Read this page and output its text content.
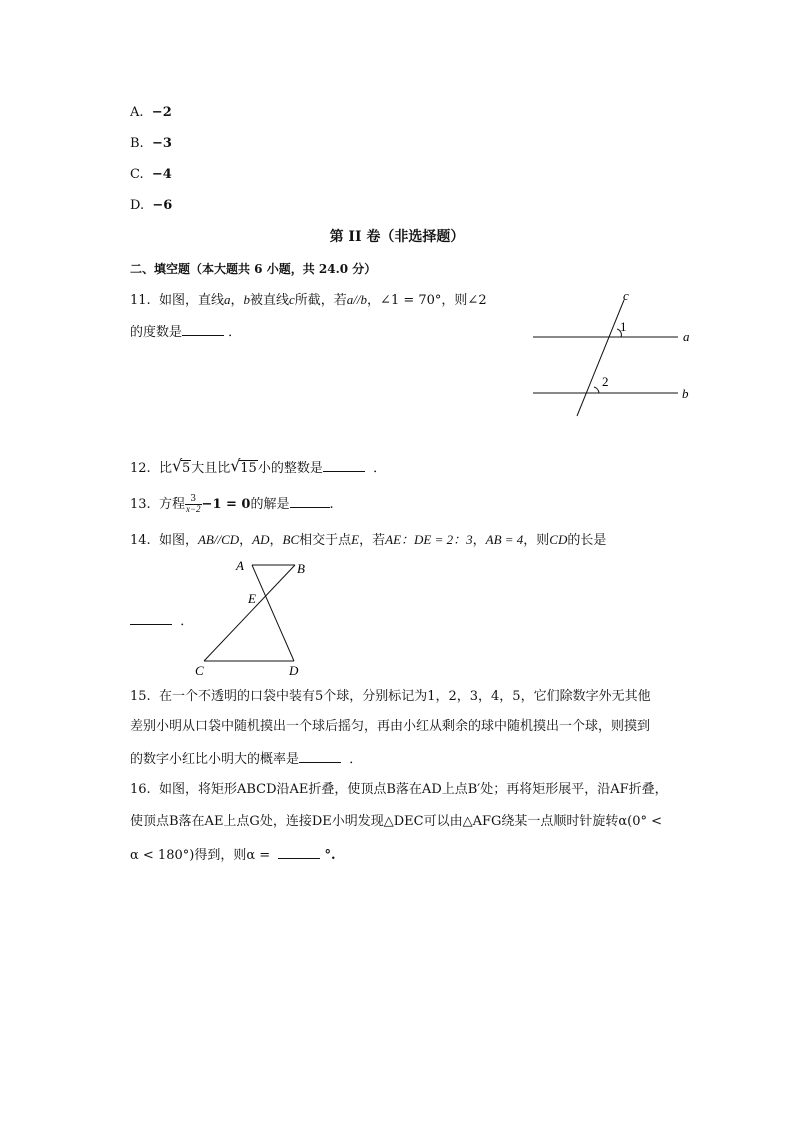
A. −2
B. −3
C. −4
D. −6
第 II 卷（非选择题）
二、填空题（本大题共 6 小题，共 24.0 分）
11. 如图，直线a，b被直线c所截，若a//b，∠1 = 70°，则∠2
的度数是	．
c
1
a
2
b
12. 比 √ 5大且比 √ 15小的整数是	．
13. 方程 $\frac{3}{x-2} -1 = 0$的解是	.
14. 如图，AB//CD，AD，BC相交于点E，若AE：DE = 2：3，AB = 4，则CD的长是
．
A	B
E
C	D
15. 在一个不透明的口袋中装有5个球，分别标记为1，2，3，4，5，它们除数字外无其他
差别小明从口袋中随机摸出一个球后摇匀，再由小红从剩余的球中随机摸出一个球，则摸到
的数字小红比小明大的概率是	．
16. 如图，将矩形ABCD沿AE折叠，使顶点B落在AD上点B′处；再将矩形展平，沿AF折叠，
使顶点B落在AE上点G处，连接DE小明发现△DEC可以由△AFG绕某一点顺时针旋转α(0° <
α < 180°)得到，则α =	°.
